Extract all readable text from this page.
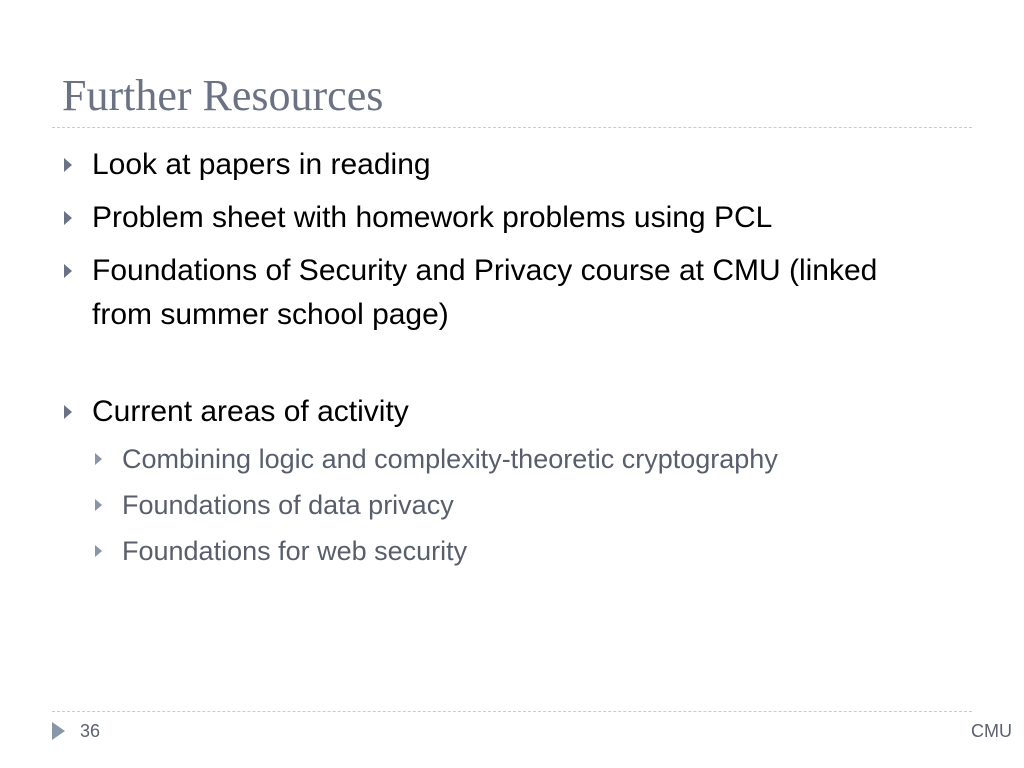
Further Resources
Look at papers in reading
Problem sheet with homework problems using PCL
Foundations of Security and Privacy course at CMU (linked from summer school page)
Current areas of activity
Combining logic and complexity-theoretic cryptography
Foundations of data privacy
Foundations for web security
36	CMU
